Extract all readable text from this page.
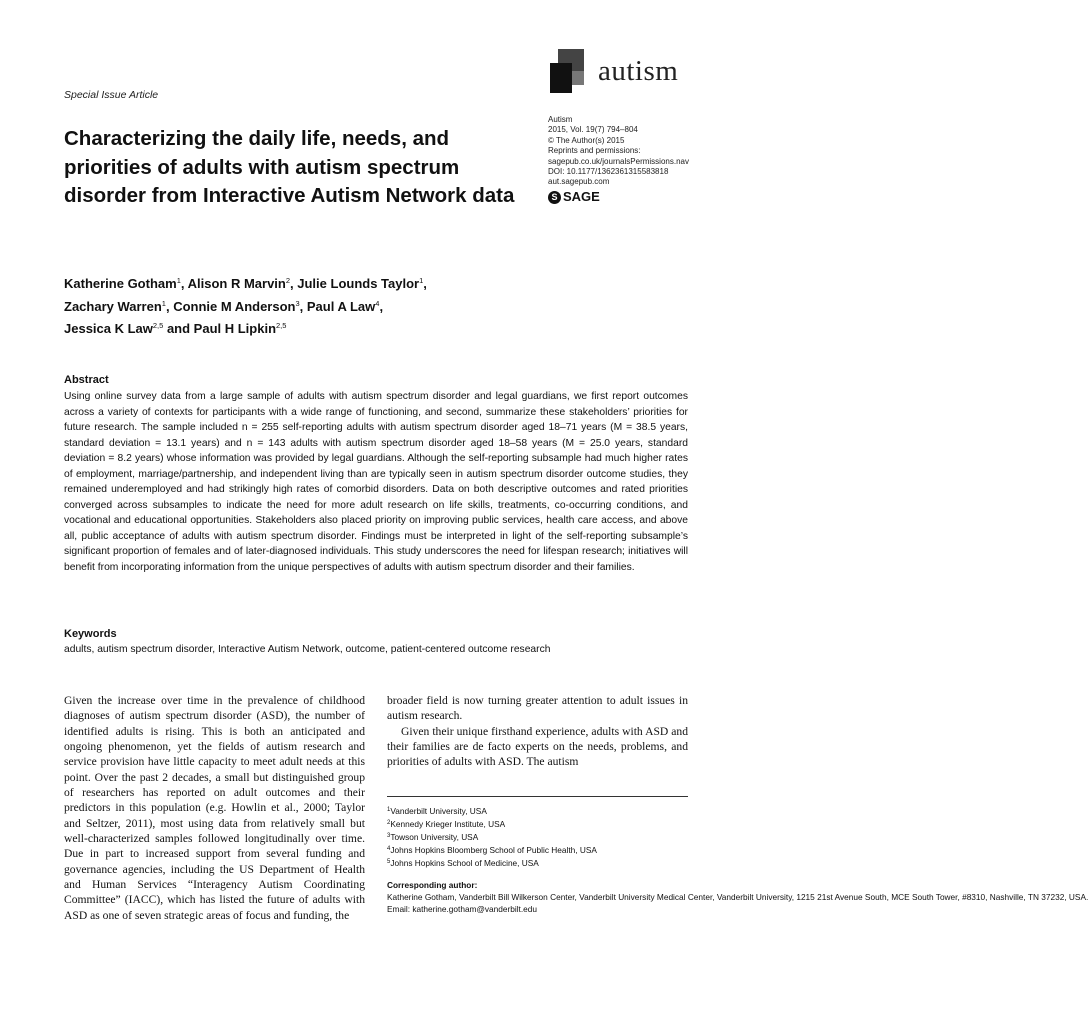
Special Issue Article
autism
Characterizing the daily life, needs, and priorities of adults with autism spectrum disorder from Interactive Autism Network data
Autism
2015, Vol. 19(7) 794–804
© The Author(s) 2015
Reprints and permissions:
sagepub.co.uk/journalsPermissions.nav
DOI: 10.1177/1362361315583818
aut.sagepub.com
S SAGE
Katherine Gotham$^1$, Alison R Marvin$^2$, Julie Lounds Taylor$^1$,
Zachary Warren$^1$, Connie M Anderson$^3$, Paul A Law$^4$,
Jessica K Law$^{2,5}$ and Paul H Lipkin$^{2,5}$
Abstract

Using online survey data from a large sample of adults with autism spectrum disorder and legal guardians, we first report outcomes across a variety of contexts for participants with a wide range of functioning, and second, summarize these stakeholders’ priorities for future research. The sample included n = 255 self-reporting adults with autism spectrum disorder aged 18–71 years (M = 38.5 years, standard deviation = 13.1 years) and n = 143 adults with autism spectrum disorder aged 18–58 years (M = 25.0 years, standard deviation = 8.2 years) whose information was provided by legal guardians. Although the self-reporting subsample had much higher rates of employment, marriage/partnership, and independent living than are typically seen in autism spectrum disorder outcome studies, they remained underemployed and had strikingly high rates of comorbid disorders. Data on both descriptive outcomes and rated priorities converged across subsamples to indicate the need for more adult research on life skills, treatments, co-occurring conditions, and vocational and educational opportunities. Stakeholders also placed priority on improving public services, health care access, and above all, public acceptance of adults with autism spectrum disorder. Findings must be interpreted in light of the self-reporting subsample’s significant proportion of females and of later-diagnosed individuals. This study underscores the need for lifespan research; initiatives will benefit from incorporating information from the unique perspectives of adults with autism spectrum disorder and their families.

Keywords
adults, autism spectrum disorder, Interactive Autism Network, outcome, patient-centered outcome research

Given the increase over time in the prevalence of childhood diagnoses of autism spectrum disorder (ASD), the number of identified adults is rising. This is both an anticipated and ongoing phenomenon, yet the fields of autism research and service provision have little capacity to meet adult needs at this point. Over the past 2 decades, a small but distinguished group of researchers has reported on adult outcomes and their predictors in this population (e.g. Howlin et al., 2000; Taylor and Seltzer, 2011), most using data from relatively small but well-characterized samples followed longitudinally over time. Due in part to increased support from several funding and governance agencies, including the US Department of Health and Human Services “Interagency Autism Coordinating Committee” (IACC), which has listed the future of adults with ASD as one of seven strategic areas of focus and funding, the

broader field is now turning greater attention to adult issues in autism research.

Given their unique firsthand experience, adults with ASD and their families are de facto experts on the needs, problems, and priorities of adults with ASD. The autism

$^1$Vanderbilt University, USA
$^2$Kennedy Krieger Institute, USA
$^3$Towson University, USA
$^4$Johns Hopkins Bloomberg School of Public Health, USA
$^5$Johns Hopkins School of Medicine, USA
Corresponding author:
Katherine Gotham, Vanderbilt Bill Wilkerson Center, Vanderbilt University Medical Center, Vanderbilt University, 1215 21st Avenue South, MCE South Tower, #8310, Nashville, TN 37232, USA.
Email: katherine.gotham@vanderbilt.edu
